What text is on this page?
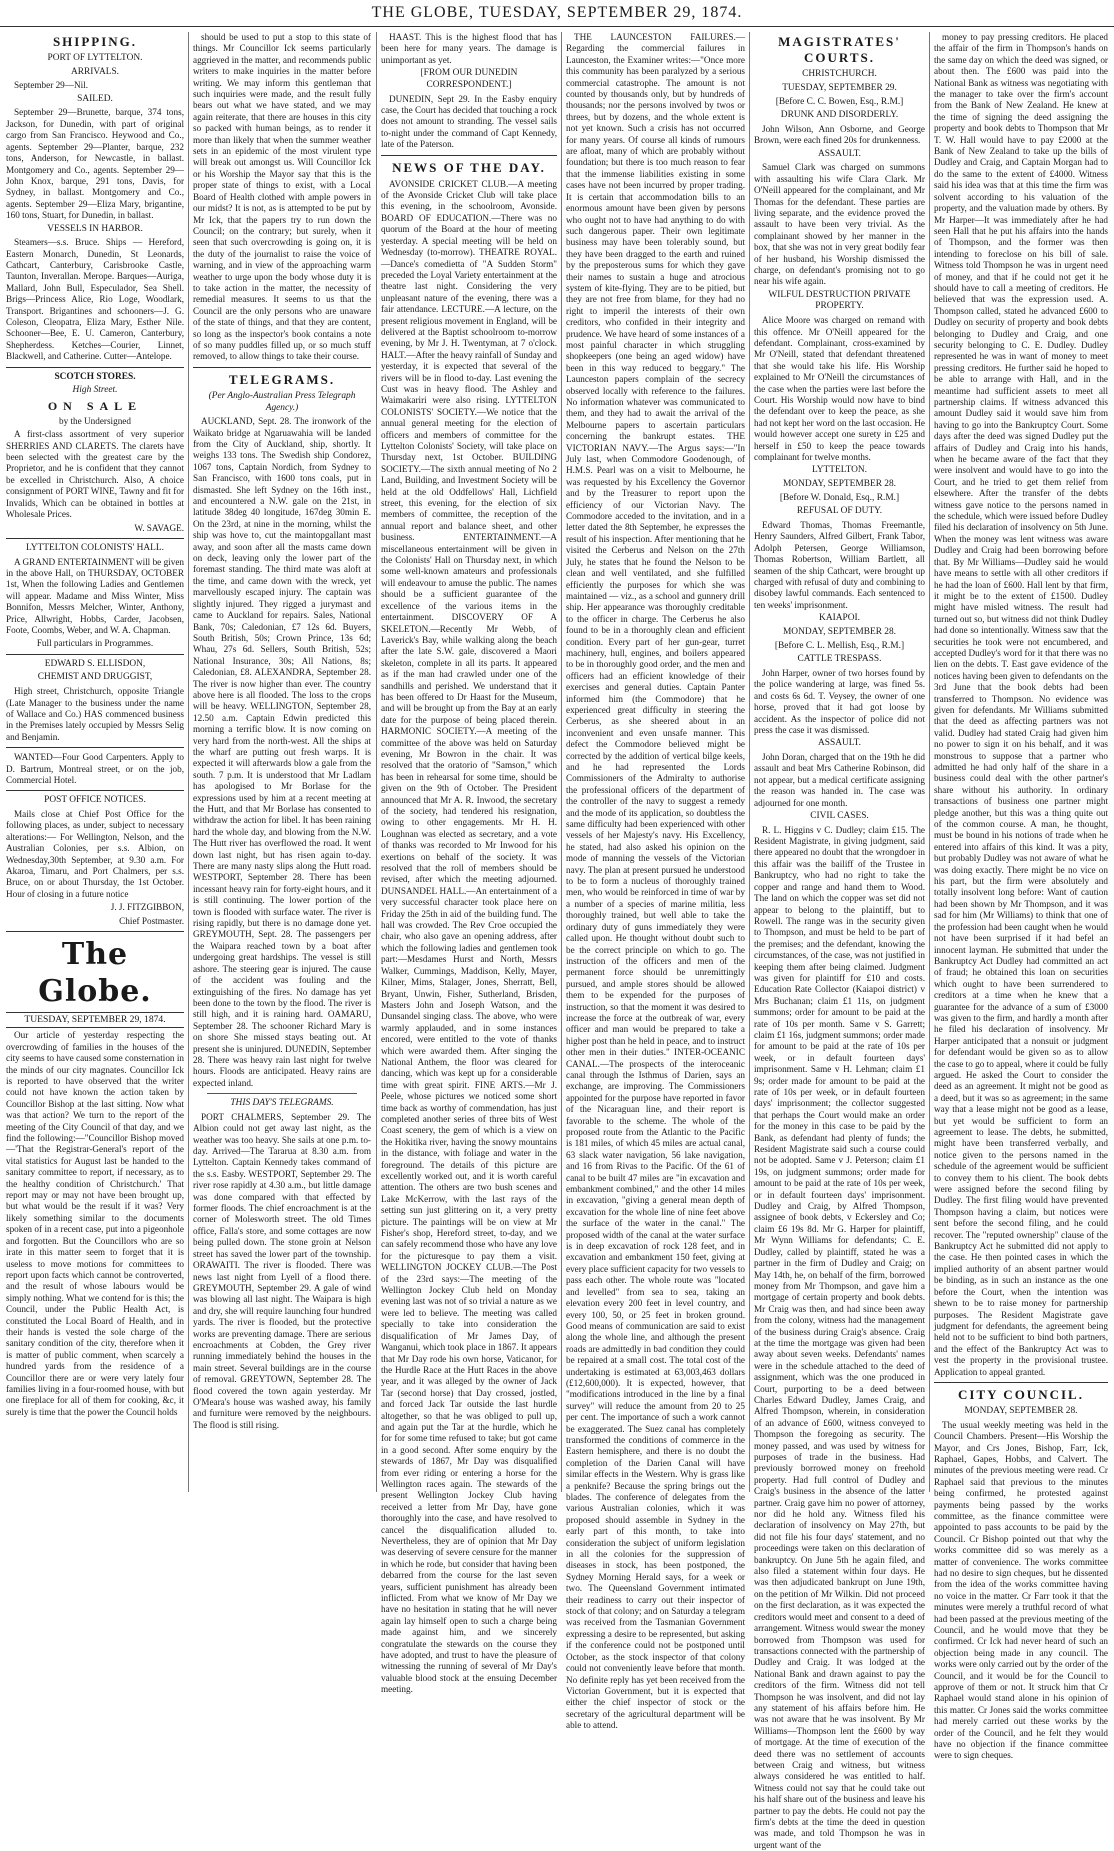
THE GLOBE, TUESDAY, SEPTEMBER 29, 1874.
SHIPPING.
PORT OF LYTTELTON.
ARRIVALS.

September 29—Nil.

SAILED.

September 29—Brunette, barque, 374 tons, Jackson, for Dunedin, with part of original cargo from San Francisco. Heywood and Co., agents. September 29—Planter, barque, 232 tons, Anderson, for Newcastle, in ballast. Montgomery and Co., agents. September 29—John Knox, barque, 291 tons, Davis, for Sydney, in ballast. Montgomery and Co., agents. September 29—Eliza Mary, brigantine, 160 tons, Stuart, for Dunedin, in ballast.

VESSELS IN HARBOR.

Steamers—s.s. Bruce. Ships — Hereford, Eastern Monarch, Dunedin, St Leonards, Cathcart, Canterbury, Carisbrooke Castle, Taunton, Inverallan. Merope. Barques—Auriga, Mallard, John Bull, Especulador, Sea Shell. Brigs—Princess Alice, Rio Loge, Woodlark, Transport. Brigantines and schooners—J. G. Coleson, Cleopatra, Eliza Mary, Esther Nile. Schooner—Bee, E. U. Cameron, Canterbury, Shepherdess. Ketches—Courier, Linnet, Blackwell, and Catherine. Cutter—Antelope.

SCOTCH STORES.
High Street.
ON SALE
by the Undersigned

A first-class assortment of very superior SHERRIES AND CLARETS. The clarets have been selected with the greatest care by the Proprietor, and he is confident that they cannot be excelled in Christchurch. Also, A choice consignment of PORT WINE, Tawny and fit for Invalids, Which can be obtained in bottles at Wholesale Prices.

W. SAVAGE.
LYTTELTON COLONISTS' HALL.

A GRAND ENTERTAINMENT will be given in the above Hall, on THURSDAY, OCTOBER 1st, When the following Ladies and Gentlemen will appear. Madame and Miss Winter, Miss Bonnifon, Messrs Melcher, Winter, Anthony, Price, Allwright, Hobbs, Carder, Jacobsen, Foote, Coombs, Weber, and W. A. Chapman.

Full particulars in Programmes.
EDWARD S. ELLISDON,
CHEMIST AND DRUGGIST,

High street, Christchurch, opposite Triangle (Late Manager to the business under the name of Wallace and Co.) HAS commenced business in the Premises lately occupied by Messrs Selig and Benjamin.

WANTED—Four Good Carpenters. Apply to D. Bartrum, Montreal street, or on the job, Commercial Hotel.

POST OFFICE NOTICES.

Mails close at Chief Post Office for the following places, as under, subject to necessary alterations:— For Wellington, Nelson, and the Australian Colonies, per s.s. Albion, on Wednesday,30th September, at 9.30 a.m. For Akaroa, Timaru, and Port Chalmers, per s.s. Bruce, on or about Thursday, the 1st October. Hour of closing in a future notice

J. J. FITZGIBBON,
Chief Postmaster.
The Globe.
TUESDAY, SEPTEMBER 29, 1874.

Our article of yesterday respecting the overcrowding of families in the houses of the city seems to have caused some consternation in the minds of our city magnates. Councillor Ick is reported to have observed that the writer could not have known the action taken by Councillor Bishop at the last sitting. Now what was that action? We turn to the report of the meeting of the City Council of that day, and we find the following:—"Councillor Bishop moved—'That the Registrar-General's report of the vital statistics for August last be handed to the sanitary committee to report, if necessary, as to the healthy condition of Christchurch.' That report may or may not have been brought up, but what would be the result if it was? Very likely something similar to the documents spoken of in a recent case, put into a pigeonhole and forgotten. But the Councillors who are so irate in this matter seem to forget that it is useless to move motions for committees to report upon facts which cannot be controverted, and the result of whose labours would be simply nothing. What we contend for is this; the Council, under the Public Health Act, is constituted the Local Board of Health, and in their hands is vested the sole charge of the sanitary condition of the city, therefore when it is matter of public comment, when scarcely a hundred yards from the residence of a Councillor there are or were very lately four families living in a four-roomed house, with but one fireplace for all of them for cooking, &c, it surely is time that the power the Council holds

should be used to put a stop to this state of things. Mr Councillor Ick seems particularly aggrieved in the matter, and recommends public writers to make inquiries in the matter before writing. We may inform this gentleman that such inquiries were made, and the result fully bears out what we have stated, and we may again reiterate, that there are houses in this city so packed with human beings, as to render it more than likely that when the summer weather sets in an epidemic of the most virulent type will break out amongst us. Will Councillor Ick or his Worship the Mayor say that this is the proper state of things to exist, with a Local Board of Health clothed with ample powers in our midst? It is not, as is attempted to be put by Mr Ick, that the papers try to run down the Council; on the contrary; but surely, when it seen that such overcrowding is going on, it is the duty of the journalist to raise the voice of warning, and in view of the approaching warm weather to urge upon the body whose duty it is to take action in the matter, the necessity of remedial measures. It seems to us that the Council are the only persons who are unaware of the state of things, and that they are content, so long as the inspector's book contains a note of so many puddles filled up, or so much stuff removed, to allow things to take their course.

TELEGRAMS.
(Per Anglo-Australian Press Telegraph Agency.)

AUCKLAND, Sept. 28. The ironwork of the Waikato bridge at Ngaruawahia will be landed from the City of Auckland, ship, shortly. It weighs 133 tons. The Swedish ship Condorez, 1067 tons, Captain Nordich, from Sydney to San Francisco, with 1600 tons coals, put in dismasted. She left Sydney on the 16th inst., and encountered a N.W. gale on the 21st, in latitude 38deg 40 longitude, 167deg 30min E. On the 23rd, at nine in the morning, whilst the ship was hove to, cut the maintopgallant mast away, and soon after all the masts came down on deck, leaving only the lower part of the foremast standing. The third mate was aloft at the time, and came down with the wreck, yet marvellously escaped injury. The captain was slightly injured. They rigged a jurymast and came to Auckland for repairs. Sales, National Bank, 70s; Caledonian, £7 12s 6d. Buyers, South British, 50s; Crown Prince, 13s 6d; Whau, 27s 6d. Sellers, South British, 52s; National Insurance, 30s; All Nations, 8s; Caledonian, £8. ALEXANDRA, September 28. The river is now higher than ever. The country above here is all flooded. The loss to the crops will be heavy. WELLINGTON, September 28, 12.50 a.m. Captain Edwin predicted this morning a terrific blow. It is now coming on very hard from the north-west. All the ships at the wharf are putting out fresh warps. It is expected it will afterwards blow a gale from the south. 7 p.m. It is understood that Mr Ladlam has apologised to Mr Borlase for the expressions used by him at a recent meeting at the Hutt, and that Mr Borlase has consented to withdraw the action for libel. It has been raining hard the whole day, and blowing from the N.W. The Hutt river has overflowed the road. It went down last night, but has risen again to-day. There are many nasty slips along the Hutt road. WESTPORT, September 28. There has been incessant heavy rain for forty-eight hours, and it is still continuing. The lower portion of the town is flooded with surface water. The river is rising rapidly, but there is no damage done yet. GREYMOUTH, Sept. 28. The passengers per the Waipara reached town by a boat after undergoing great hardships. The vessel is still ashore. The steering gear is injured. The cause of the accident was fouling and the extinguishing of the fires. No damage has yet been done to the town by the flood. The river is still high, and it is raining hard. OAMARU, September 28. The schooner Richard Mary is on shore She missed stays beating out. At present she is uninjured. DUNEDIN, September 28. There was heavy rain last night for twelve hours. Floods are anticipated. Heavy rains are expected inland.

THIS DAY'S TELEGRAMS.

PORT CHALMERS, September 29. The Albion could not get away last night, as the weather was too heavy. She sails at one p.m. to-day. Arrived—The Tararua at 8.30 a.m. from Lyttelton. Captain Kennedy takes command of the s.s. Easby. WESTPORT, September 29. The river rose rapidly at 4.30 a.m., but little damage was done compared with that effected by former floods. The chief encroachment is at the corner of Molesworth street. The old Times office, Falla's store, and some cottages are now being pulled down. The stone groin at Nelson street has saved the lower part of the township. ORAWAITI. The river is flooded. There was news last night from Lyell of a flood there. GREYMOUTH, September 29. A gale of wind was blowing all last night. The Waipara is high and dry, she will require launching four hundred yards. The river is flooded, but the protective works are preventing damage. There are serious encroachments at Cobden, the Grey river running immediately behind the houses in the main street. Several buildings are in the course of removal. GREYTOWN, September 28. The flood covered the town again yesterday. Mr O'Meara's house was washed away, his family and furniture were removed by the neighbours. The flood is still rising.

HAAST. This is the highest flood that has been here for many years. The damage is unimportant as yet.

[FROM OUR DUNEDIN CORRESPONDENT.]

DUNEDIN, Sept 29. In the Easby enquiry case, the Court has decided that touching a rock does not amount to stranding. The vessel sails to-night under the command of Capt Kennedy, late of the Paterson.

NEWS OF THE DAY.

AVONSIDE CRICKET CLUB.—A meeting of the Avonside Cricket Club will take place this evening, in the schoolroom, Avonside. BOARD OF EDUCATION.—There was no quorum of the Board at the hour of meeting yesterday. A special meeting will be held on Wednesday (to-morrow). THEATRE ROYAL.—Dance's comedietta of "A Sudden Storm" preceded the Loyal Variety entertainment at the theatre last night. Considering the very unpleasant nature of the evening, there was a fair attendance. LECTURE.—A lecture, on the present religious movement in England, will be delivered at the Baptist schoolroom to-morrow evening, by Mr J. H. Twentyman, at 7 o'clock. HALT.—After the heavy rainfall of Sunday and yesterday, it is expected that several of the rivers will be in flood to-day. Last evening the Cust was in heavy flood. The Ashley and Waimakariri were also rising. LYTTELTON COLONISTS' SOCIETY.—We notice that the annual general meeting for the election of officers and members of committee for the Lyttelton Colonists' Society, will take place on Thursday next, 1st October. BUILDING SOCIETY.—The sixth annual meeting of No 2 Land, Building, and Investment Society will be held at the old Oddfellows' Hall, Lichfield street, this evening, for the election of six members of committee, the reception of the annual report and balance sheet, and other business. ENTERTAINMENT.—A miscellaneous entertainment will be given in the Colonists' Hall on Thursday next, in which some well-known amateurs and professionals will endeavour to amuse the public. The names should be a sufficient guarantee of the excellence of the various items in the entertainment. DISCOVERY OF A SKELETON.—Recently Mr Webb, of Laverick's Bay, while walking along the beach after the late S.W. gale, discovered a Maori skeleton, complete in all its parts. It appeared as if the man had crawled under one of the sandhills and perished. We understand that it has been offered to Dr Haast for the Museum, and will be brought up from the Bay at an early date for the purpose of being placed therein. HARMONIC SOCIETY.—A meeting of the committee of the above was held on Saturday evening, Mr Bowron in the chair. It was resolved that the oratorio of "Samson," which has been in rehearsal for some time, should be given on the 9th of October. The President announced that Mr A. R. Inwood, the secretary of the society, had tendered his resignation, owing to other engagements. Mr H. H. Loughnan was elected as secretary, and a vote of thanks was recorded to Mr Inwood for his exertions on behalf of the society. It was resolved that the roll of members should be revised, after which the meeting adjourned. DUNSANDEL HALL.—An entertainment of a very successful character took place here on Friday the 25th in aid of the building fund. The hall was crowded. The Rev Croe occupied the chair, who also gave an opening address, after which the following ladies and gentlemen took part:—Mesdames Hurst and North, Messrs Walker, Cummings, Maddison, Kelly, Mayer, Kilner, Mims, Stalager, Jones, Sherratt, Bell, Bryant, Unwin, Fisher, Sutherland, Brisden, Masters John and Joseph Watson, and the Dunsandel singing class. The above, who were warmly applauded, and in some instances encored, were entitled to the vote of thanks which were awarded them. After singing the National Anthem, the floor was cleared for dancing, which was kept up for a considerable time with great spirit. FINE ARTS.—Mr J. Peele, whose pictures we noticed some short time back as worthy of commendation, has just completed another series of three bits of West Coast scenery, the gem of which is a view on the Hokitika river, having the snowy mountains in the distance, with foliage and water in the foreground. The details of this picture are excellently worked out, and it is worth careful attention. The others are two bush scenes and Lake McKerrow, with the last rays of the setting sun just glittering on it, a very pretty picture. The paintings will be on view at Mr Fisher's shop, Hereford street, to-day, and we can safely recommend those who have any love for the picturesque to pay them a visit. WELLINGTON JOCKEY CLUB.—The Post of the 23rd says:—The meeting of the Wellington Jockey Club held on Monday evening last was not of so trivial a nature as we were led to believe. The meeting was called specially to take into consideration the disqualification of Mr James Day, of Wanganui, which took place in 1867. It appears that Mr Day rode his own horse, Vaticanor, for the Hurdle Race at the Hutt Races in the above year, and it was alleged by the owner of Jack Tar (second horse) that Day crossed, jostled, and forced Jack Tar outside the last hurdle altogether, so that he was obliged to pull up, and again put the Tar at the hurdle, which he for for some time refused to take; but got came in a good second. After some enquiry by the stewards of 1867, Mr Day was disqualified from ever riding or entering a horse for the Wellington races again. The stewards of the present Wellington Jockey Club having received a letter from Mr Day, have gone thoroughly into the case, and have resolved to cancel the disqualification alluded to. Nevertheless, they are of opinion that Mr Day was deserving of severe censure for the manner in which he rode, but consider that having been debarred from the course for the last seven years, sufficient punishment has already been inflicted. From what we know of Mr Day we have no hesitation in stating that he will never again lay himself open to such a charge being made against him, and we sincerely congratulate the stewards on the course they have adopted, and trust to have the pleasure of witnessing the running of several of Mr Day's valuable blood stock at the ensuing December meeting.

THE LAUNCESTON FAILURES.—Regarding the commercial failures in Launceston, the Examiner writes:—"Once more this community has been paralyzed by a serious commercial catastrophe. The amount is not counted by thousands only, but by hundreds of thousands; nor the persons involved by twos or threes, but by dozens, and the whole extent is not yet known. Such a crisis has not occurred for many years. Of course all kinds of rumours are afloat, many of which are probably without foundation; but there is too much reason to fear that the immense liabilities existing in some cases have not been incurred by proper trading. It is certain that accommodation bills to an enormous amount have been given by persons who ought not to have had anything to do with such dangerous paper. Their own legitimate business may have been tolerably sound, but they have been dragged to the earth and ruined by the preposterous sums for which they gave their names to sustain a huge and atrocious system of kite-flying. They are to be pitied, but they are not free from blame, for they had no right to imperil the interests of their own creditors, who confided in their integrity and prudence. We have heard of some instances of a most painful character in which struggling shopkeepers (one being an aged widow) have been in this way reduced to beggary." The Launceston papers complain of the secrecy observed locally with reference to the failures. No information whatever was communicated to them, and they had to await the arrival of the Melbourne papers to ascertain particulars concerning the bankrupt estates. THE VICTORIAN NAVY.—The Argus says:—"In July last, when Commodore Goodenough, of H.M.S. Pearl was on a visit to Melbourne, he was requested by his Excellency the Governor and by the Treasurer to report upon the efficiency of our Victorian Navy. The Commodore acceded to the invitation, and in a letter dated the 8th September, he expresses the result of his inspection. After mentioning that he visited the Cerberus and Nelson on the 27th July, he states that he found the Nelson to be clean and well ventilated, and she fulfilled efficiently the purposes for which she was maintained — viz., as a school and gunnery drill ship. Her appearance was thoroughly creditable to the officer in charge. The Cerberus he also found to be in a thoroughly clean and efficient condition. Every part of her gun-gear, turret machinery, hull, engines, and boilers appeared to be in thoroughly good order, and the men and officers had an efficient knowledge of their exercises and general duties. Captain Panter informed him (the Commodore) that he experienced great difficulty in steering the Cerberus, as she sheered about in an inconvenient and even unsafe manner. This defect the Commodore believed might be corrected by the addition of vertical bilge keels, and he had represented the Lords Commissioners of the Admiralty to authorise the professional officers of the department of the controller of the navy to suggest a remedy and the mode of its application, so doubtless the same difficulty had been experienced with other vessels of her Majesty's navy. His Excellency, he stated, had also asked his opinion on the mode of manning the vessels of the Victorian navy. The plan at present pursued he understood to be to form a nucleus of thoroughly trained men, who would be reinforced in time of war by a number of a species of marine militia, less thoroughly trained, but well able to take the ordinary duty of guns immediately they were called upon. He thought without doubt such to be the correct principle on which to go. The instruction of the officers and men of the permanent force should be unremittingly pursued, and ample stores should be allowed them to be expended for the purposes of instruction, so that the moment it was desired to increase the force at the outbreak of war, every officer and man would be prepared to take a higher post than he held in peace, and to instruct other men in their duties." INTER-OCEANIC CANAL.—The prospects of the interoceanic canal through the Isthmus of Darien, says an exchange, are improving. The Commissioners appointed for the purpose have reported in favor of the Nicaraguan line, and their report is favorable to the scheme. The whole of the proposed route from the Atlantic to the Pacific is 181 miles, of which 45 miles are actual canal, 63 slack water navigation, 56 lake navigation, and 16 from Rivas to the Pacific. Of the 61 of canal to be built 47 miles are "in excavation and embankment combined," and the other 14 miles in excavation, "giving a general mean depth of excavation for the whole line of nine feet above the surface of the water in the canal." The proposed width of the canal at the water surface is in deep excavation of rock 128 feet, and in excavation and embankment 150 feet, giving at every place sufficient capacity for two vessels to pass each other. The whole route was "located and levelled" from sea to sea, taking an elevation every 200 feet in level country, and every 100, 50, or 25 feet in broken ground. Good means of communication are said to exist along the whole line, and although the present roads are admittedly in bad condition they could be repaired at a small cost. The total cost of the undertaking is estimated at 63,003,463 dollars (£12,600,000). It is expected, however, that "modifications introduced in the line by a final survey" will reduce the amount from 20 to 25 per cent. The importance of such a work cannot be exaggerated. The Suez canal has completely transformed the conditions of commerce in the Eastern hemisphere, and there is no doubt the completion of the Darien Canal will have similar effects in the Western. Why is grass like a penknife? Because the spring brings out the blades. The conference of delegates from the various Australian colonies, which it was proposed should assemble in Sydney in the early part of this month, to take into consideration the subject of uniform legislation in all the colonies for the suppression of diseases in stock, has been postponed, the Sydney Morning Herald says, for a week or two. The Queensland Government intimated their readiness to carry out their inspector of stock of that colony; and on Saturday a telegram was received from the Tasmanian Government expressing a desire to be represented, but asking if the conference could not be postponed until October, as the stock inspector of that colony could not conveniently leave before that month. No definite reply has yet been received from the Victorian Government, but it is expected that either the chief inspector of stock or the secretary of the agricultural department will be able to attend.

MAGISTRATES' COURTS.
CHRISTCHURCH.
TUESDAY, SEPTEMBER 29.
[Before C. C. Bowen, Esq., R.M.]
DRUNK AND DISORDERLY.

John Wilson, Ann Osborne, and George Brown, were each fined 20s for drunkenness.

ASSAULT.

Samuel Clark was charged on summons with assaulting his wife Clara Clark. Mr O'Neill appeared for the complainant, and Mr Thomas for the defendant. These parties are living separate, and the evidence proved the assault to have been very trivial. As the complainant showed by her manner in the box, that she was not in very great bodily fear of her husband, his Worship dismissed the charge, on defendant's promising not to go near his wife again.

WILFUL DESTRUCTION PRIVATE PROPERTY.

Alice Moore was charged on remand with this offence. Mr O'Neill appeared for the defendant. Complainant, cross-examined by Mr O'Neill, stated that defendant threatened that she would take his life. His Worship explained to Mr O'Neill the circumstances of the case when the parties were last before the Court. His Worship would now have to bind the defendant over to keep the peace, as she had not kept her word on the last occasion. He would however accept one surety in £25 and herself in £50 to keep the peace towards complainant for twelve months.

LYTTELTON.
MONDAY, SEPTEMBER 28.
[Before W. Donald, Esq., R.M.]
REFUSAL OF DUTY.

Edward Thomas, Thomas Freemantle, Henry Saunders, Alfred Gilbert, Frank Tabor, Adolph Petersen, George Williamson, Thomas Robertson, William Bartlett, all seamen of the ship Cathcart, were brought up charged with refusal of duty and combining to disobey lawful commands. Each sentenced to ten weeks' imprisonment.

KAIAPOI.
MONDAY, SEPTEMBER 28.
[Before C. L. Mellish, Esq., R.M.]
CATTLE TRESPASS.

John Harper, owner of two horses found by the police wandering at large, was fined 5s. and costs 6s 6d. T. Veysey, the owner of one horse, proved that it had got loose by accident. As the inspector of police did not press the case it was dismissed.

ASSAULT.

John Doran, charged that on the 19th he did assault and beat Mrs Catherine Robinson, did not appear, but a medical certificate assigning the reason was handed in. The case was adjourned for one month.

CIVIL CASES.

R. L. Higgins v C. Dudley; claim £15. The Resident Magistrate, in giving judgment, said there appeared no doubt that the wrongdoer in this affair was the bailiff of the Trustee in Bankruptcy, who had no right to take the copper and range and hand them to Wood. The land on which the copper was set did not appear to belong to the plaintiff, but to Rowell. The range was in the security given to Thompson, and must be held to be part of the premises; and the defendant, knowing the circumstances, of the case, was not justified in keeping them after being claimed. Judgment was given for plaintiff for £10 and costs. Education Rate Collector (Kaiapoi district) v Mrs Buchanan; claim £1 11s, on judgment summons; order for amount to be paid at the rate of 10s per month. Same v S. Garrett; claim £1 16s, judgment summons; order made for amount to be paid at the rate of 10s per week, or in default fourteen days' imprisonment. Same v H. Lehman; claim £1 9s; order made for amount to be paid at the rate of 10s per week, or in default fourteen days' imprisonment; the collector suggested that perhaps the Court would make an order for the money in this case to be paid by the Bank, as defendant had plenty of funds; the Resident Magistrate said such a course could not be adopted. Same v J. Peterson; claim £1 19s, on judgment summons; order made for amount to be paid at the rate of 10s per week, or in default fourteen days' imprisonment. Dudley and Craig, by Alfred Thompson, assignee of book debts, v Eckersley and Co; claim £6 19s 8d. Mr G. Harper for plaintiff, Mr Wynn Williams for defendants; C. E. Dudley, called by plaintiff, stated he was a partner in the firm of Dudley and Craig; on May 14th, he, on behalf of the firm, borrowed money from Mr Thompson, and gave him a mortgage of certain property and book debts. Mr Craig was then, and had since been away from the colony, witness had the management of the business during Craig's absence. Craig at the time the mortgage was given had been away about seven weeks. Defendants' names were in the schedule attached to the deed of assignment, which was the one produced in Court, purporting to be a deed between Charles Edward Dudley, James Craig, and Alfred Thompson, wherein, in consideration of an advance of £600, witness conveyed to Thompson the foregoing as security. The money passed, and was used by witness for purposes of trade in the business. Had previously borrowed money on freehold property. Had full control of Dudley and Craig's business in the absence of the latter partner. Craig gave him no power of attorney, nor did he hold any. Witness filed his declaration of insolvency on May 27th, but did not file his four days' statement, and no proceedings were taken on this declaration of bankruptcy. On June 5th he again filed, and also filed a statement within four days. He was then adjudicated bankrupt on June 19th, on the petition of Mr Wilkin. Did not proceed on the first declaration, as it was expected the creditors would meet and consent to a deed of arrangement. Witness would swear the money borrowed from Thompson was used for transactions connected with the partnership of Dudley and Craig. It was lodged at the National Bank and drawn against to pay the creditors of the firm. Witness did not tell Thompson he was insolvent, and did not lay any statement of his affairs before him. He was not aware that he was insolvent. By Mr Williams—Thompson lent the £600 by way of mortgage. At the time of execution of the deed there was no settlement of accounts between Craig and witness, but witness always considered he was entitled to half. Witness could not say that he could take out his half share out of the business and leave his partner to pay the debts. He could not pay the firm's debts at the time the deed in question was made, and told Thompson he was in urgent want of the

money to pay pressing creditors. He placed the affair of the firm in Thompson's hands on the same day on which the deed was signed, or about then. The £600 was paid into the National Bank as witness was negotiating with the manager to take over the firm's account from the Bank of New Zealand. He knew at the time of signing the deed assigning the property and book debts to Thompson that Mr T. W. Hall would have to pay £2000 at the Bank of New Zealand to take up the bills of Dudley and Craig, and Captain Morgan had to do the same to the extent of £4000. Witness said his idea was that at this time the firm was solvent according to his valuation of the property, and the valuation made by others. By Mr Harper—It was immediately after he had seen Hall that he put his affairs into the hands of Thompson, and the former was then intending to foreclose on his bill of sale. Witness told Thompson he was in urgent need of money, and that if he could not get it he should have to call a meeting of creditors. He believed that was the expression used. A. Thompson called, stated he advanced £600 to Dudley on security of property and book debts belonging to Dudley and Craig, and one security belonging to C. E. Dudley. Dudley represented he was in want of money to meet pressing creditors. He further said he hoped to be able to arrange with Hall, and in the meantime had sufficient assets to meet all partnership claims. If witness advanced this amount Dudley said it would save him from having to go into the Bankruptcy Court. Some days after the deed was signed Dudley put the affairs of Dudley and Craig into his hands, when he became aware of the fact that they were insolvent and would have to go into the Court, and he tried to get them relief from elsewhere. After the transfer of the debts witness gave notice to the persons named in the schedule, which were issued before Dudley filed his declaration of insolvency on 5th June. When the money was lent witness was aware Dudley and Craig had been borrowing before that. By Mr Williams—Dudley said he would have means to settle with all other creditors if he had the loan of £600. Hall lent by that firm, it might be to the extent of £1500. Dudley might have misled witness. The result had turned out so, but witness did not think Dudley had done so intentionally. Witness saw that the securities he took were not encumbered, and accepted Dudley's word for it that there was no lien on the debts. T. East gave evidence of the notices having been given to defendants on the 3rd June that the book debts had been transferred to Thompson. No evidence was given for defendants. Mr Williams submitted that the deed as affecting partners was not valid. Dudley had stated Craig had given him no power to sign it on his behalf, and it was monstrous to suppose that a partner who admitted he had only half of the share in a business could deal with the other partner's share without his authority. In ordinary transactions of business one partner might pledge another, but this was a thing quite out of the common course. A man, he thought, must be bound in his notions of trade when he entered into affairs of this kind. It was a pity, but probably Dudley was not aware of what he was doing exactly. There might be no vice on his part, but the firm were absolutely and totally insolvent long before: Want of caution had been shown by Mr Thompson, and it was sad for him (Mr Williams) to think that one of the profession had been caught when he would not have been surprised if it had befel an innocent layman. He submitted that under the Bankruptcy Act Dudley had committed an act of fraud; he obtained this loan on securities which ought to have been surrendered to creditors at a time when he knew that a guarantee for the advance of a sum of £3000 was given to the firm, and hardly a month after he filed his declaration of insolvency. Mr Harper anticipated that a nonsuit or judgment for defendant would be given so as to allow the case to go to appeal, where it could be fully argued. He asked the Court to consider the deed as an agreement. It might not be good as a deed, but it was so as agreement; in the same way that a lease might not be good as a lease, but yet would be sufficient to form an agreement to lease. The debts, he submitted, might have been transferred verbally, and notice given to the persons named in the schedule of the agreement would be sufficient to convey them to his client. The book debts were assigned before the second filing by Dudley. The first filing would have prevented Thompson having a claim, but notices were sent before the second filing, and he could recover. The "reputed ownership" clause of the Bankruptcy Act he submitted did not apply to the case. He then pointed cases in which the implied authority of an absent partner would be binding, as in such an instance as the one before the Court, when the intention was shewn to be to raise money for partnership purposes. The Resident Magistrate gave judgment for defendants, the agreement being held not to be sufficient to bind both partners, and the effect of the Bankruptcy Act was to vest the property in the provisional trustee. Application to appeal granted.

CITY COUNCIL.
MONDAY, SEPTEMBER 28.

The usual weekly meeting was held in the Council Chambers. Present—His Worship the Mayor, and Crs Jones, Bishop, Farr, Ick, Raphael, Gapes, Hobbs, and Calvert. The minutes of the previous meeting were read. Cr Raphael said that previous to the minutes being confirmed, he protested against payments being passed by the works committee, as the finance committee were appointed to pass accounts to be paid by the Council. Cr Bishop pointed out that why the works committee did so was merely as a matter of convenience. The works committee had no desire to sign cheques, but he dissented from the idea of the works committee having no voice in the matter. Cr Farr took it that the minutes were merely a truthful record of what had been passed at the previous meeting of the Council, and he would move that they be confirmed. Cr Ick had never heard of such an objection being made in any council. The works were only carried out by the order of the Council, and it would be for the Council to approve of them or not. It struck him that Cr Raphael would stand alone in his opinion of this matter. Cr Jones said the works committee had merely carried out these works by the order of the Council, and he felt they would have no objection if the finance committee were to sign cheques.
